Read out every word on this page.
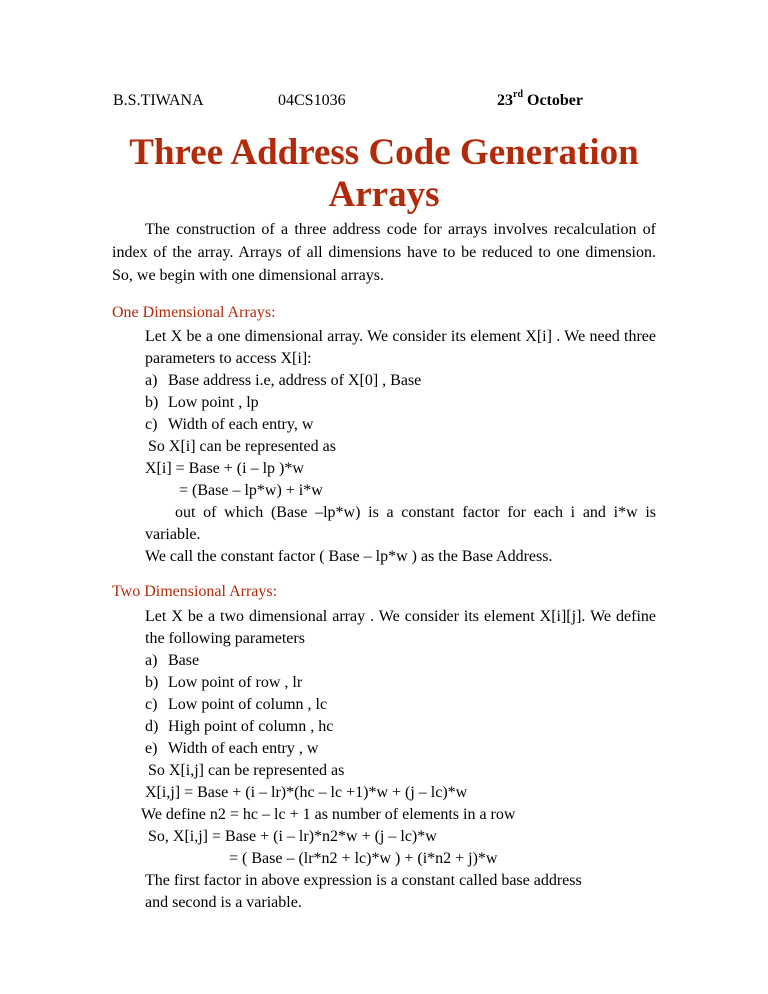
B.S.TIWANA	04CS1036	23rd October
Three Address Code Generation
Arrays
The construction of a three address code for arrays involves recalculation of index of the array. Arrays of all dimensions have to be reduced to one dimension. So, we begin with one dimensional arrays.
One Dimensional Arrays:
Let X be a one dimensional array. We consider its element X[i] . We need three parameters to access X[i]:
a) Base address i.e, address of X[0] , Base
b) Low point , lp
c) Width of each entry, w
So X[i] can be represented as
X[i] = Base + (i – lp )*w
= (Base – lp*w) + i*w
out of which (Base –lp*w) is a constant factor for each i and i*w is variable.
We call the constant factor ( Base – lp*w ) as the Base Address.
Two Dimensional Arrays:
Let X be a two dimensional array . We consider its element X[i][j]. We define the following parameters
a) Base
b) Low point of row , lr
c) Low point of column , lc
d) High point of column , hc
e) Width of each entry , w
So X[i,j] can be represented as
X[i,j] = Base + (i – lr)*(hc – lc +1)*w + (j – lc)*w
We define n2 = hc – lc + 1 as number of elements in a row
So, X[i,j] = Base + (i – lr)*n2*w + (j – lc)*w
= ( Base – (lr*n2 + lc)*w ) + (i*n2 + j)*w
The first factor in above expression is a constant called base address
and second is a variable.
